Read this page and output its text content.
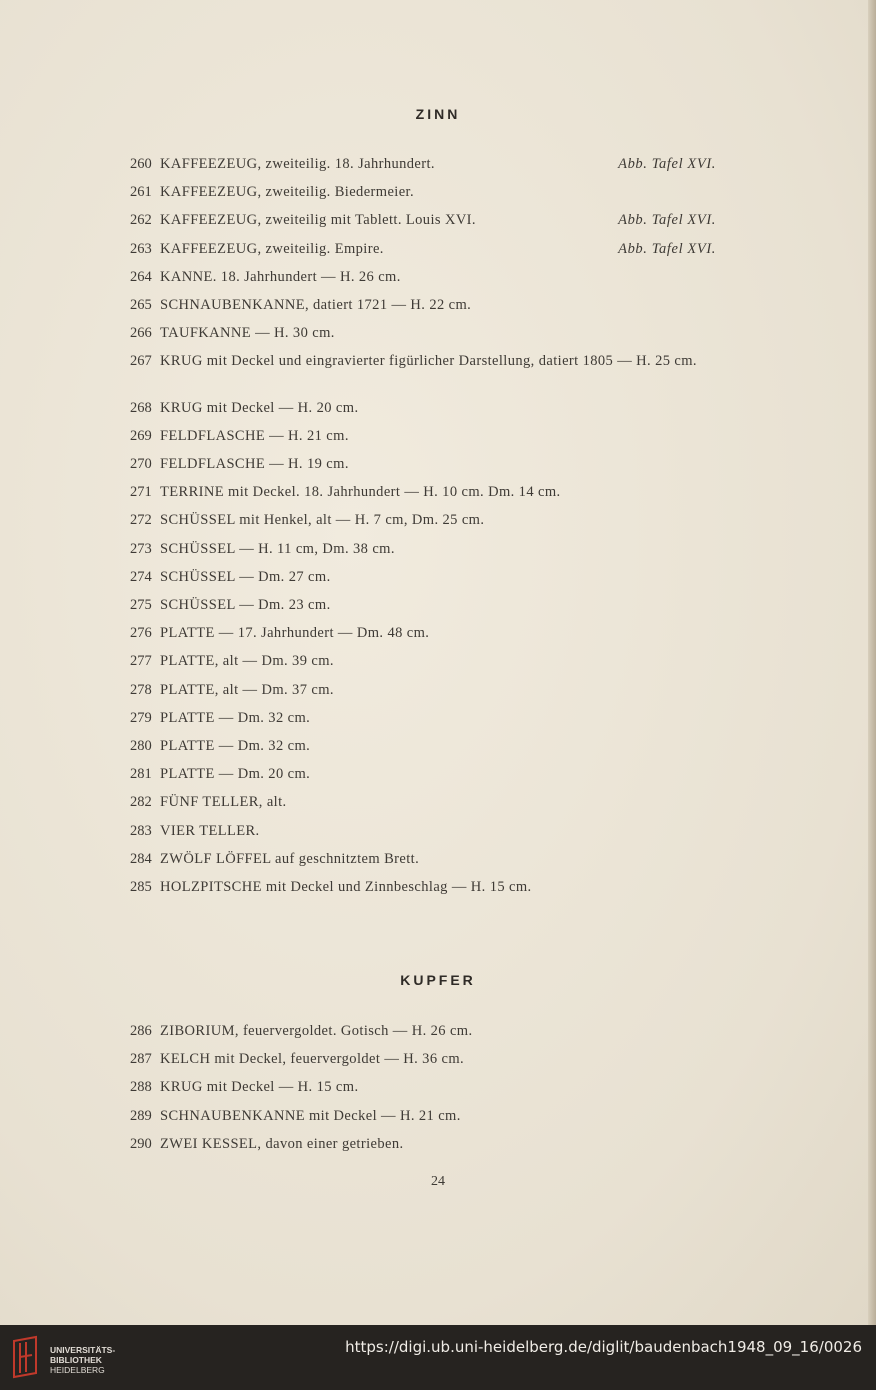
ZINN
260 KAFFEEZEUG, zweiteilig. 18. Jahrhundert.	Abb. Tafel XVI.
261 KAFFEEZEUG, zweiteilig. Biedermeier.
262 KAFFEEZEUG, zweiteilig mit Tablett. Louis XVI.	Abb. Tafel XVI.
263 KAFFEEZEUG, zweiteilig. Empire.	Abb. Tafel XVI.
264 KANNE. 18. Jahrhundert — H. 26 cm.
265 SCHNAUBENKANNE, datiert 1721 — H. 22 cm.
266 TAUFKANNE — H. 30 cm.
267 KRUG mit Deckel und eingravierter figürlicher Darstellung, datiert 1805 — H. 25 cm.
268 KRUG mit Deckel — H. 20 cm.
269 FELDFLASCHE — H. 21 cm.
270 FELDFLASCHE — H. 19 cm.
271 TERRINE mit Deckel. 18. Jahrhundert — H. 10 cm. Dm. 14 cm.
272 SCHÜSSEL mit Henkel, alt — H. 7 cm, Dm. 25 cm.
273 SCHÜSSEL — H. 11 cm, Dm. 38 cm.
274 SCHÜSSEL — Dm. 27 cm.
275 SCHÜSSEL — Dm. 23 cm.
276 PLATTE — 17. Jahrhundert — Dm. 48 cm.
277 PLATTE, alt — Dm. 39 cm.
278 PLATTE, alt — Dm. 37 cm.
279 PLATTE — Dm. 32 cm.
280 PLATTE — Dm. 32 cm.
281 PLATTE — Dm. 20 cm.
282 FÜNF TELLER, alt.
283 VIER TELLER.
284 ZWÖLF LÖFFEL auf geschnitztem Brett.
285 HOLZPITSCHE mit Deckel und Zinnbeschlag — H. 15 cm.
KUPFER
286 ZIBORIUM, feuervergoldet. Gotisch — H. 26 cm.
287 KELCH mit Deckel, feuervergoldet — H. 36 cm.
288 KRUG mit Deckel — H. 15 cm.
289 SCHNAUBENKANNE mit Deckel — H. 21 cm.
290 ZWEI KESSEL, davon einer getrieben.
24
UNIVERSITÄTS-
BIBLIOTHEK
HEIDELBERG
https://digi.ub.uni-heidelberg.de/diglit/baudenbach1948_09_16/0026
